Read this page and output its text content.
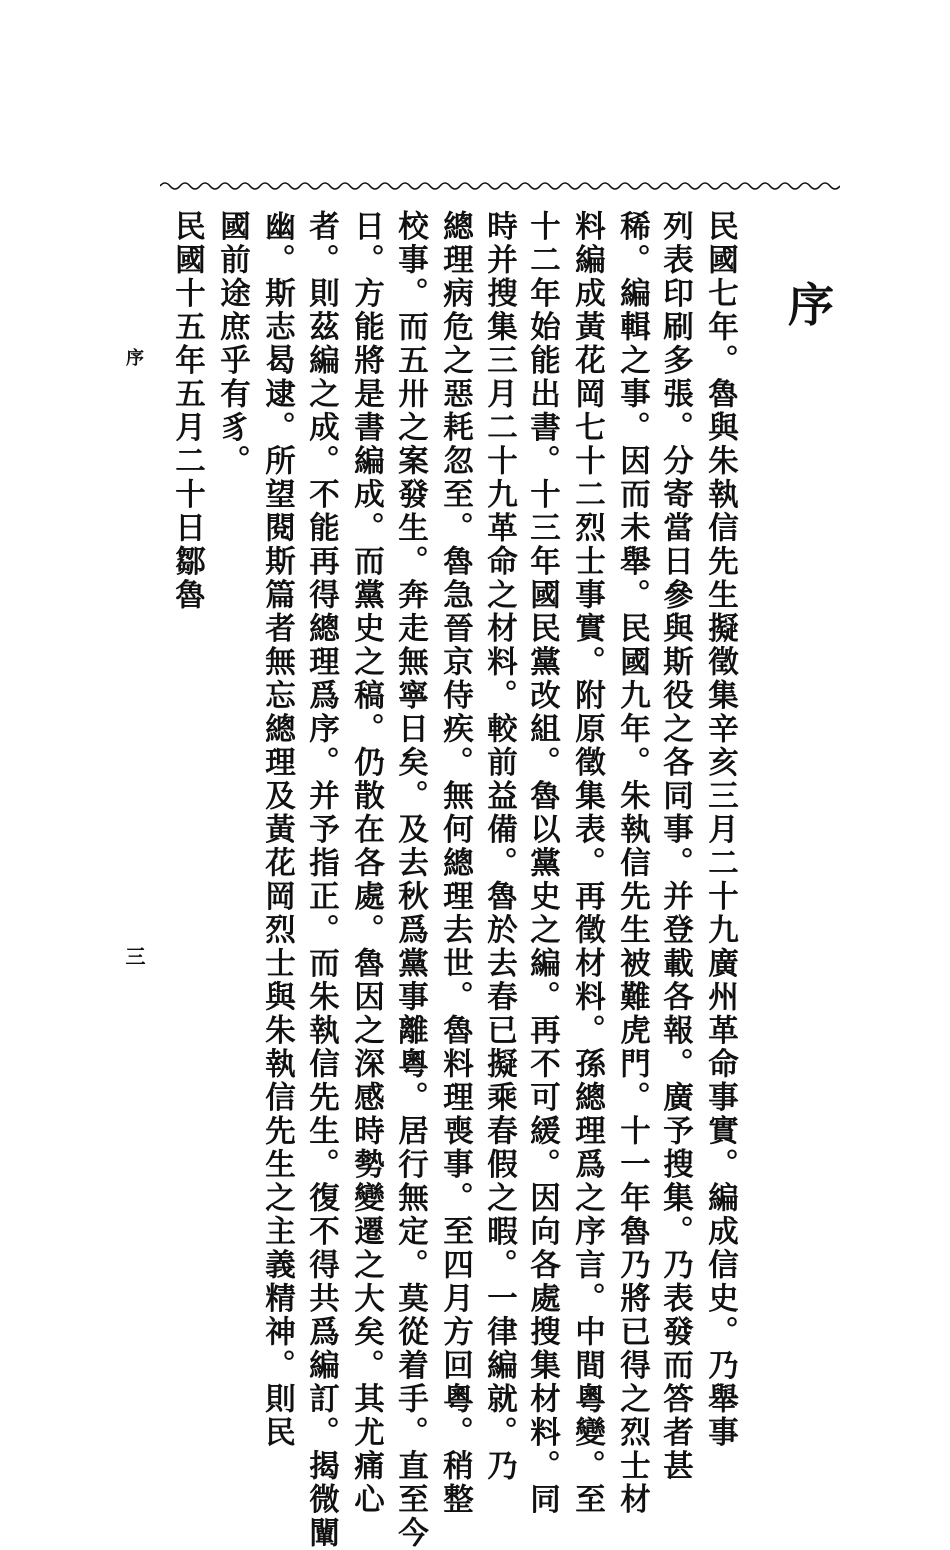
序
民國七年。魯與朱執信先生擬徵集辛亥三月二十九廣州革命事實。編成信史。乃舉事
列表印刷多張。分寄當日參與斯役之各同事。并登載各報。廣予搜集。乃表發而答者甚
稀。編輯之事。因而未舉。民國九年。朱執信先生被難虎門。十一年魯乃將已得之烈士材
料編成黃花岡七十二烈士事實。附原徵集表。再徵材料。孫總理爲之序言。中間粵變。至
十二年始能出書。十三年國民黨改組。魯以黨史之編。再不可緩。因向各處搜集材料。同
時并搜集三月二十九革命之材料。較前益備。魯於去春已擬乘春假之暇。一律編就。乃
總理病危之惡耗忽至。魯急晉京侍疾。無何總理去世。魯料理喪事。至四月方回粵。稍整
校事。而五卅之案發生。奔走無寧日矣。及去秋爲黨事離粵。居行無定。莫從着手。直至今
日。方能將是書編成。而黨史之稿。仍散在各處。魯因之深感時勢變遷之大矣。其尤痛心
者。則茲編之成。不能再得總理爲序。并予指正。而朱執信先生。復不得共爲編訂。揭微闡
幽。斯志曷逮。所望閱斯篇者無忘總理及黃花岡烈士與朱執信先生之主義精神。則民
國前途庶乎有豸。
民國十五年五月二十日鄒魯
序
三
